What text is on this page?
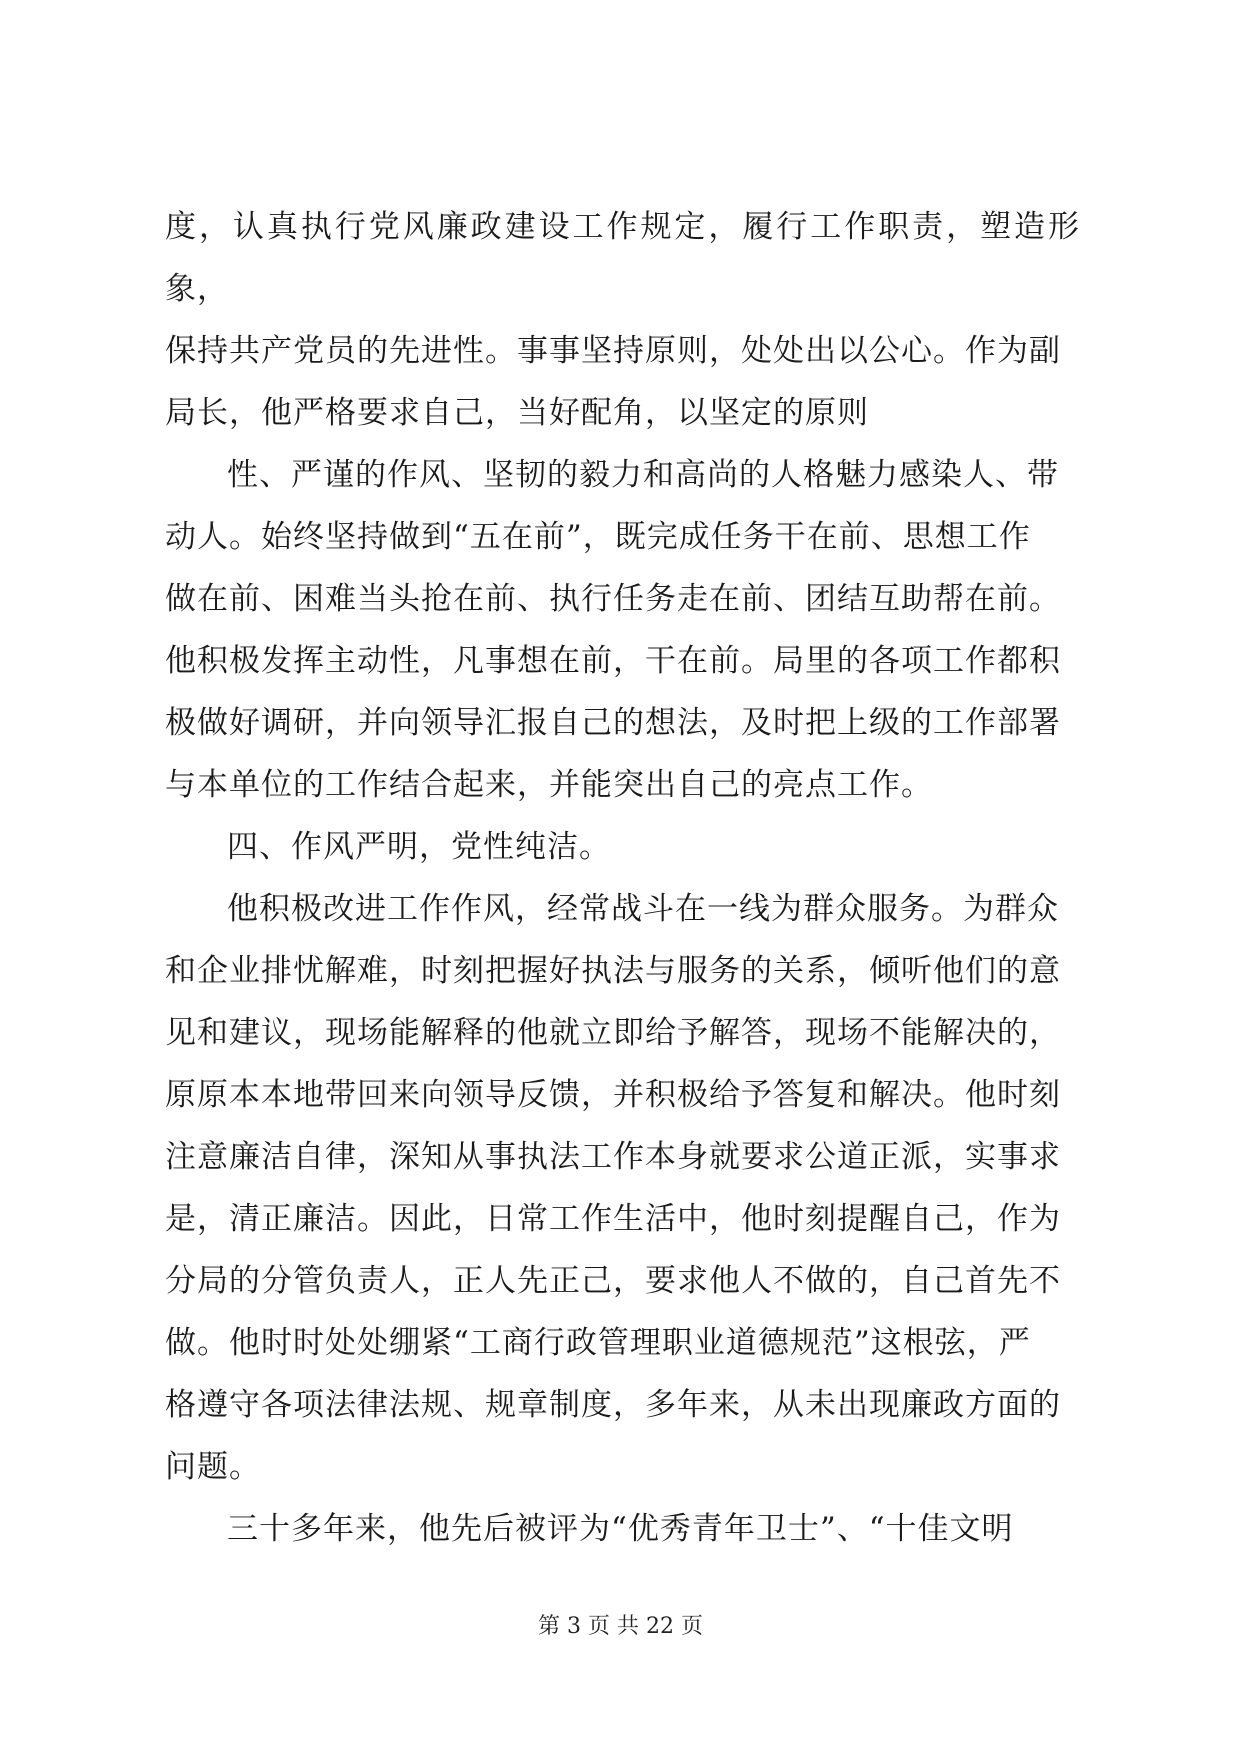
度，认真执行党风廉政建设工作规定，履行工作职责，塑造形象，
保持共产党员的先进性。事事坚持原则，处处出以公心。作为副
局长，他严格要求自己，当好配角，以坚定的原则

性、严谨的作风、坚韧的毅力和高尚的人格魅力感染人、带
动人。始终坚持做到“五在前”，既完成任务干在前、思想工作
做在前、困难当头抢在前、执行任务走在前、团结互助帮在前。
他积极发挥主动性，凡事想在前，干在前。局里的各项工作都积
极做好调研，并向领导汇报自己的想法，及时把上级的工作部署
与本单位的工作结合起来，并能突出自己的亮点工作。

四、作风严明，党性纯洁。

他积极改进工作作风，经常战斗在一线为群众服务。为群众
和企业排忧解难，时刻把握好执法与服务的关系，倾听他们的意
见和建议，现场能解释的他就立即给予解答，现场不能解决的，
原原本本地带回来向领导反馈，并积极给予答复和解决。他时刻
注意廉洁自律，深知从事执法工作本身就要求公道正派，实事求
是，清正廉洁。因此，日常工作生活中，他时刻提醒自己，作为
分局的分管负责人，正人先正己，要求他人不做的，自己首先不
做。他时时处处绷紧“工商行政管理职业道德规范”这根弦，严
格遵守各项法律法规、规章制度，多年来，从未出现廉政方面的
问题。

三十多年来，他先后被评为“优秀青年卫士”、“十佳文明

第 3 页 共 22 页
